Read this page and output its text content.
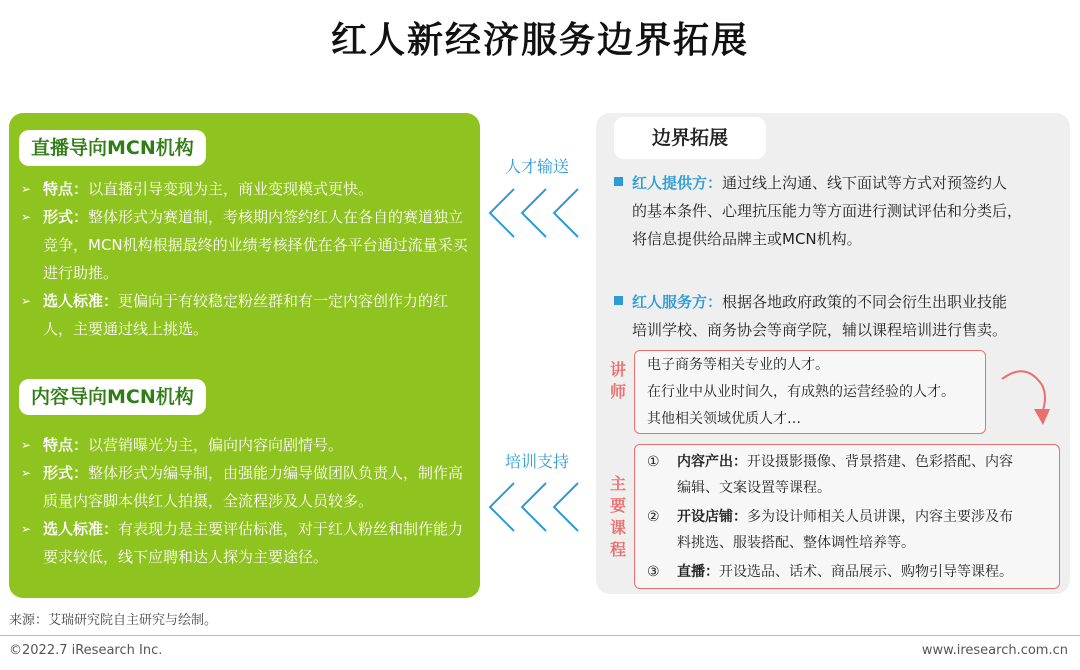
红人新经济服务边界拓展
直播导向MCN机构
➢ 特点：以直播引导变现为主，商业变现模式更快。
➢ 形式：整体形式为赛道制，考核期内签约红人在各自的赛道独立竞争，MCN机构根据最终的业绩考核择优在各平台通过流量采买进行助推。
➢ 选人标准：更偏向于有较稳定粉丝群和有一定内容创作力的红人，主要通过线上挑选。
内容导向MCN机构
➢ 特点：以营销曝光为主，偏向内容向剧情号。
➢ 形式：整体形式为编导制，由强能力编导做团队负责人，制作高质量内容脚本供红人拍摄，全流程涉及人员较多。
➢ 选人标准：有表现力是主要评估标准，对于红人粉丝和制作能力要求较低，线下应聘和达人探为主要途径。
人才输送
培训支持
边界拓展
红人提供方：通过线上沟通、线下面试等方式对预签约人
的基本条件、心理抗压能力等方面进行测试评估和分类后，
将信息提供给品牌主或MCN机构。
红人服务方：根据各地政府政策的不同会衍生出职业技能
培训学校、商务协会等商学院，辅以课程培训进行售卖。
讲师
电子商务等相关专业的人才。
在行业中从业时间久，有成熟的运营经验的人才。
其他相关领域优质人才…
主要课程
① 内容产出：开设摄影摄像、背景搭建、色彩搭配、内容
编辑、文案设置等课程。
② 开设店铺：多为设计师相关人员讲课，内容主要涉及布
料挑选、服装搭配、整体调性培养等。
③ 直播：开设选品、话术、商品展示、购物引导等课程。
来源：艾瑞研究院自主研究与绘制。
©2022.7 iResearch Inc.	www.iresearch.com.cn
